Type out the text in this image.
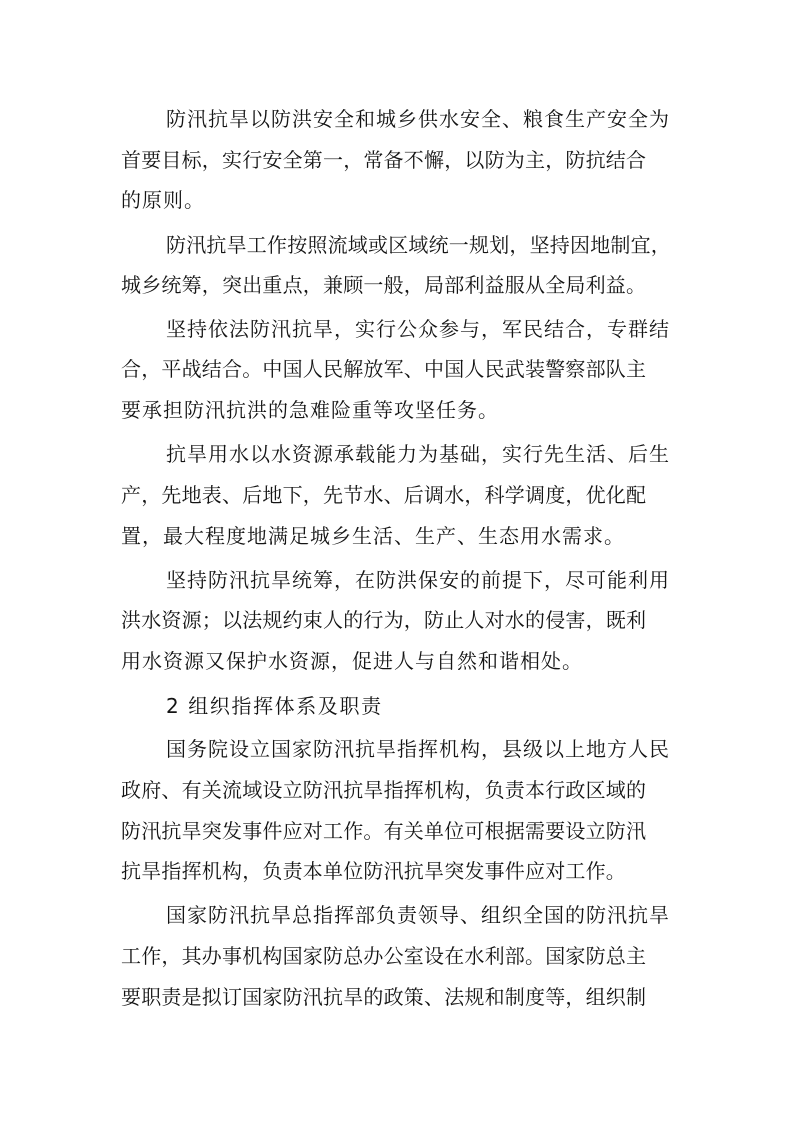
防汛抗旱以防洪安全和城乡供水安全、粮食生产安全为

首要目标，实行安全第一，常备不懈，以防为主，防抗结合

的原则。

防汛抗旱工作按照流域或区域统一规划，坚持因地制宜，

城乡统筹，突出重点，兼顾一般，局部利益服从全局利益。

坚持依法防汛抗旱，实行公众参与，军民结合，专群结

合，平战结合。中国人民解放军、中国人民武装警察部队主

要承担防汛抗洪的急难险重等攻坚任务。

抗旱用水以水资源承载能力为基础，实行先生活、后生

产，先地表、后地下，先节水、后调水，科学调度，优化配

置，最大程度地满足城乡生活、生产、生态用水需求。

坚持防汛抗旱统筹，在防洪保安的前提下，尽可能利用

洪水资源；以法规约束人的行为，防止人对水的侵害，既利

用水资源又保护水资源，促进人与自然和谐相处。

2 组织指挥体系及职责

国务院设立国家防汛抗旱指挥机构，县级以上地方人民

政府、有关流域设立防汛抗旱指挥机构，负责本行政区域的

防汛抗旱突发事件应对工作。有关单位可根据需要设立防汛

抗旱指挥机构，负责本单位防汛抗旱突发事件应对工作。

国家防汛抗旱总指挥部负责领导、组织全国的防汛抗旱

工作，其办事机构国家防总办公室设在水利部。国家防总主

要职责是拟订国家防汛抗旱的政策、法规和制度等，组织制
